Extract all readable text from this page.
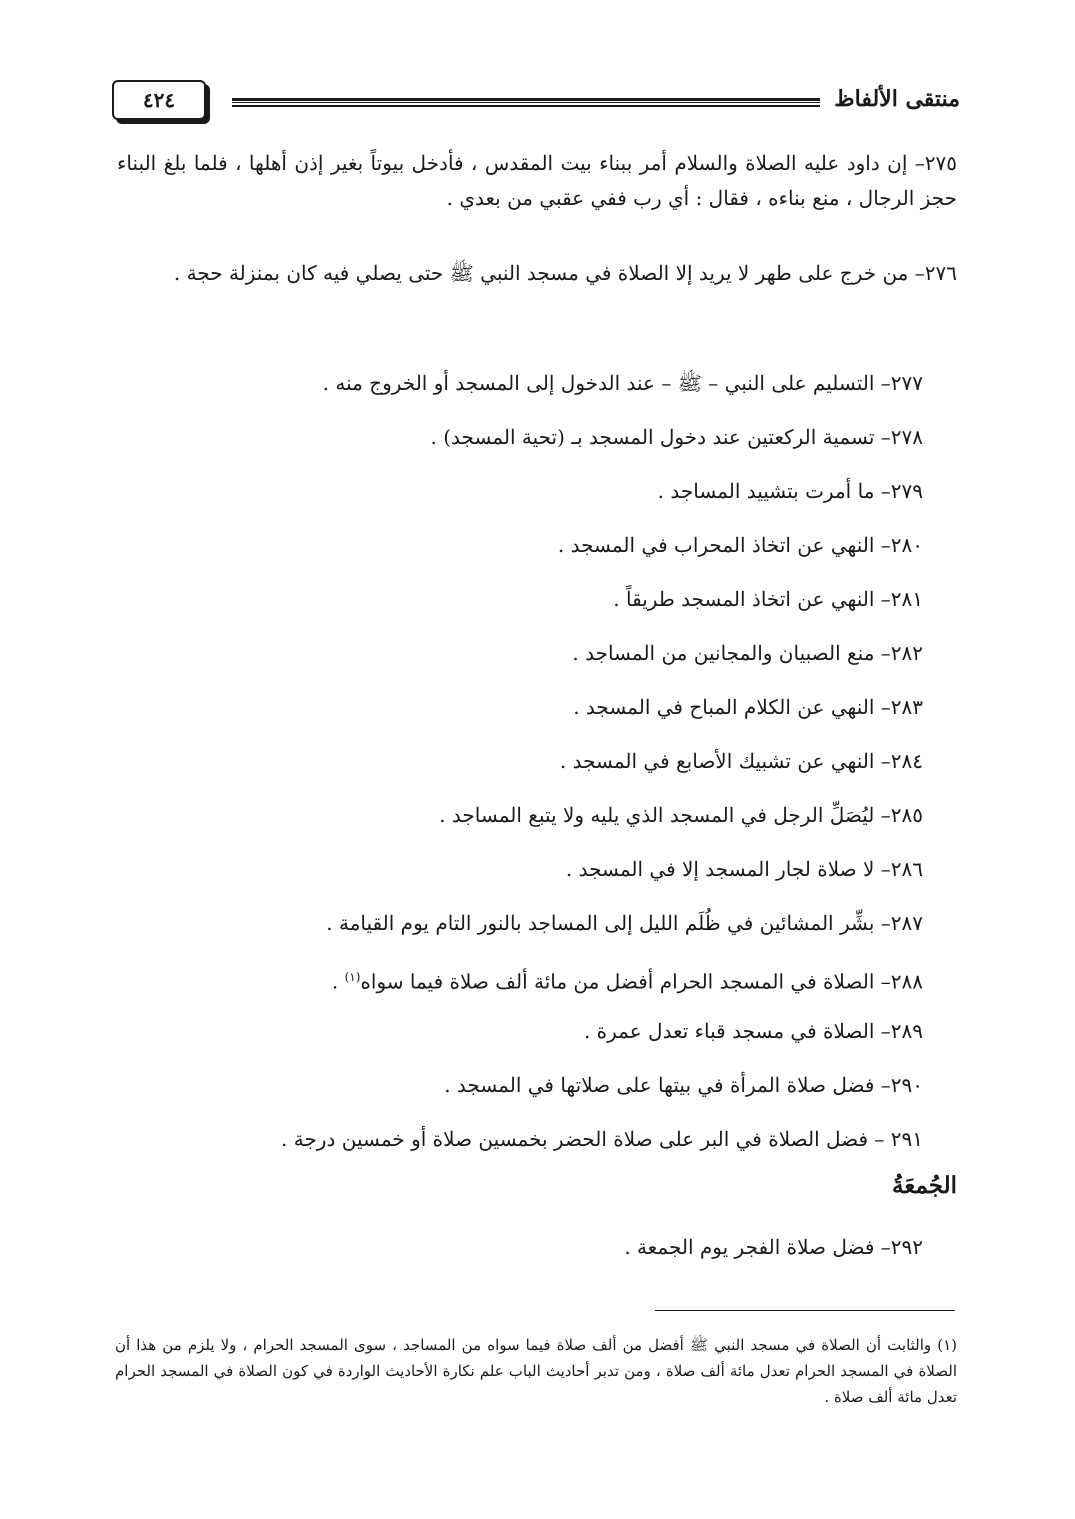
٤٢٤	منتقى الألفاظ

٢٧٥– إن داود عليه الصلاة والسلام أمر ببناء بيت المقدس ، فأدخل بيوتاً بغير إذن أهلها ، فلما بلغ البناء حجز الرجال ، منع بناءه ، فقال : أي رب ففي عقبي من بعدي .

٢٧٦– من خرج على طهر لا يريد إلا الصلاة في مسجد النبي ﷺ حتى يصلي فيه كان بمنزلة حجة .

٢٧٧– التسليم على النبي – ﷺ – عند الدخول إلى المسجد أو الخروج منه .

٢٧٨– تسمية الركعتين عند دخول المسجد بـ (تحية المسجد) .

٢٧٩– ما أمرت بتشييد المساجد .

٢٨٠– النهي عن اتخاذ المحراب في المسجد .

٢٨١– النهي عن اتخاذ المسجد طريقاً .

٢٨٢– منع الصبيان والمجانين من المساجد .

٢٨٣– النهي عن الكلام المباح في المسجد .

٢٨٤– النهي عن تشبيك الأصابع في المسجد .

٢٨٥– ليُصَلِّ الرجل في المسجد الذي يليه ولا يتبع المساجد .

٢٨٦– لا صلاة لجار المسجد إلا في المسجد .

٢٨٧– بشِّر المشائين في ظُلَم الليل إلى المساجد بالنور التام يوم القيامة .

٢٨٨– الصلاة في المسجد الحرام أفضل من مائة ألف صلاة فيما سواه$^{(١)}$ .

٢٨٩– الصلاة في مسجد قباء تعدل عمرة .

٢٩٠– فضل صلاة المرأة في بيتها على صلاتها في المسجد .

٢٩١ – فضل الصلاة في البر على صلاة الحضر بخمسين صلاة أو خمسين درجة .

الجُمعَةُ

٢٩٢– فضل صلاة الفجر يوم الجمعة .

(١) والثابت أن الصلاة في مسجد النبي ﷺ أفضل من ألف صلاة فيما سواه من المساجد ، سوى المسجد الحرام ، ولا يلزم من هذا أن الصلاة في المسجد الحرام تعدل مائة ألف صلاة ، ومن تدبر أحاديث الباب علم نكارة الأحاديث الواردة في كون الصلاة في المسجد الحرام تعدل مائة ألف صلاة .
